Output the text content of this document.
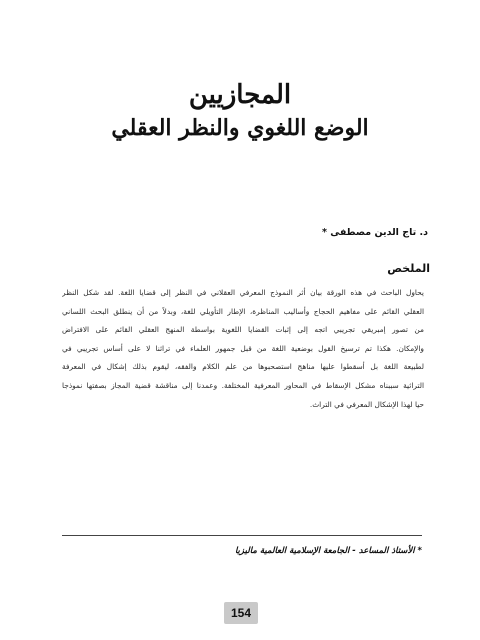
المجازيين
الوضع اللغوي والنظر العقلي
د. تاج الدين مصطفى *
الملخص
يحاول الباحث في هذه الورقة بيان أثر النموذج المعرفي العقلاني في النظر إلى قضايا اللغة. لقد شكل النظر
العقلي القائم على مفاهيم الحجاج وأساليب المناظرة، الإطار التأويلي للغة، وبدلاً من أن ينطلق البحث اللساني
من تصور إمبريقي تجريبي اتجه إلى إثبات القضايا اللغوية بواسطة المنهج العقلي القائم على الافتراض
والإمكان. هكذا تم ترسيخ القول بوضعية اللغة من قبل جمهور العلماء في تراثنا لا على أساس تجريبي في
لطبيعة اللغة بل أسقطوا عليها مناهج استصحبوها من علم الكلام والفقه، ليقوم بذلك إشكال في المعرفة
التراثية سببناه مشكل الإسقاط في المحاور المعرفية المختلفة. وعمدنا إلى مناقشة قضية المجاز بصفتها نموذجا
حيا لهذا الإشكال المعرفي في التراث.
* الأستاذ المساعد - الجامعة الإسلامية العالمية ماليزيا
154
